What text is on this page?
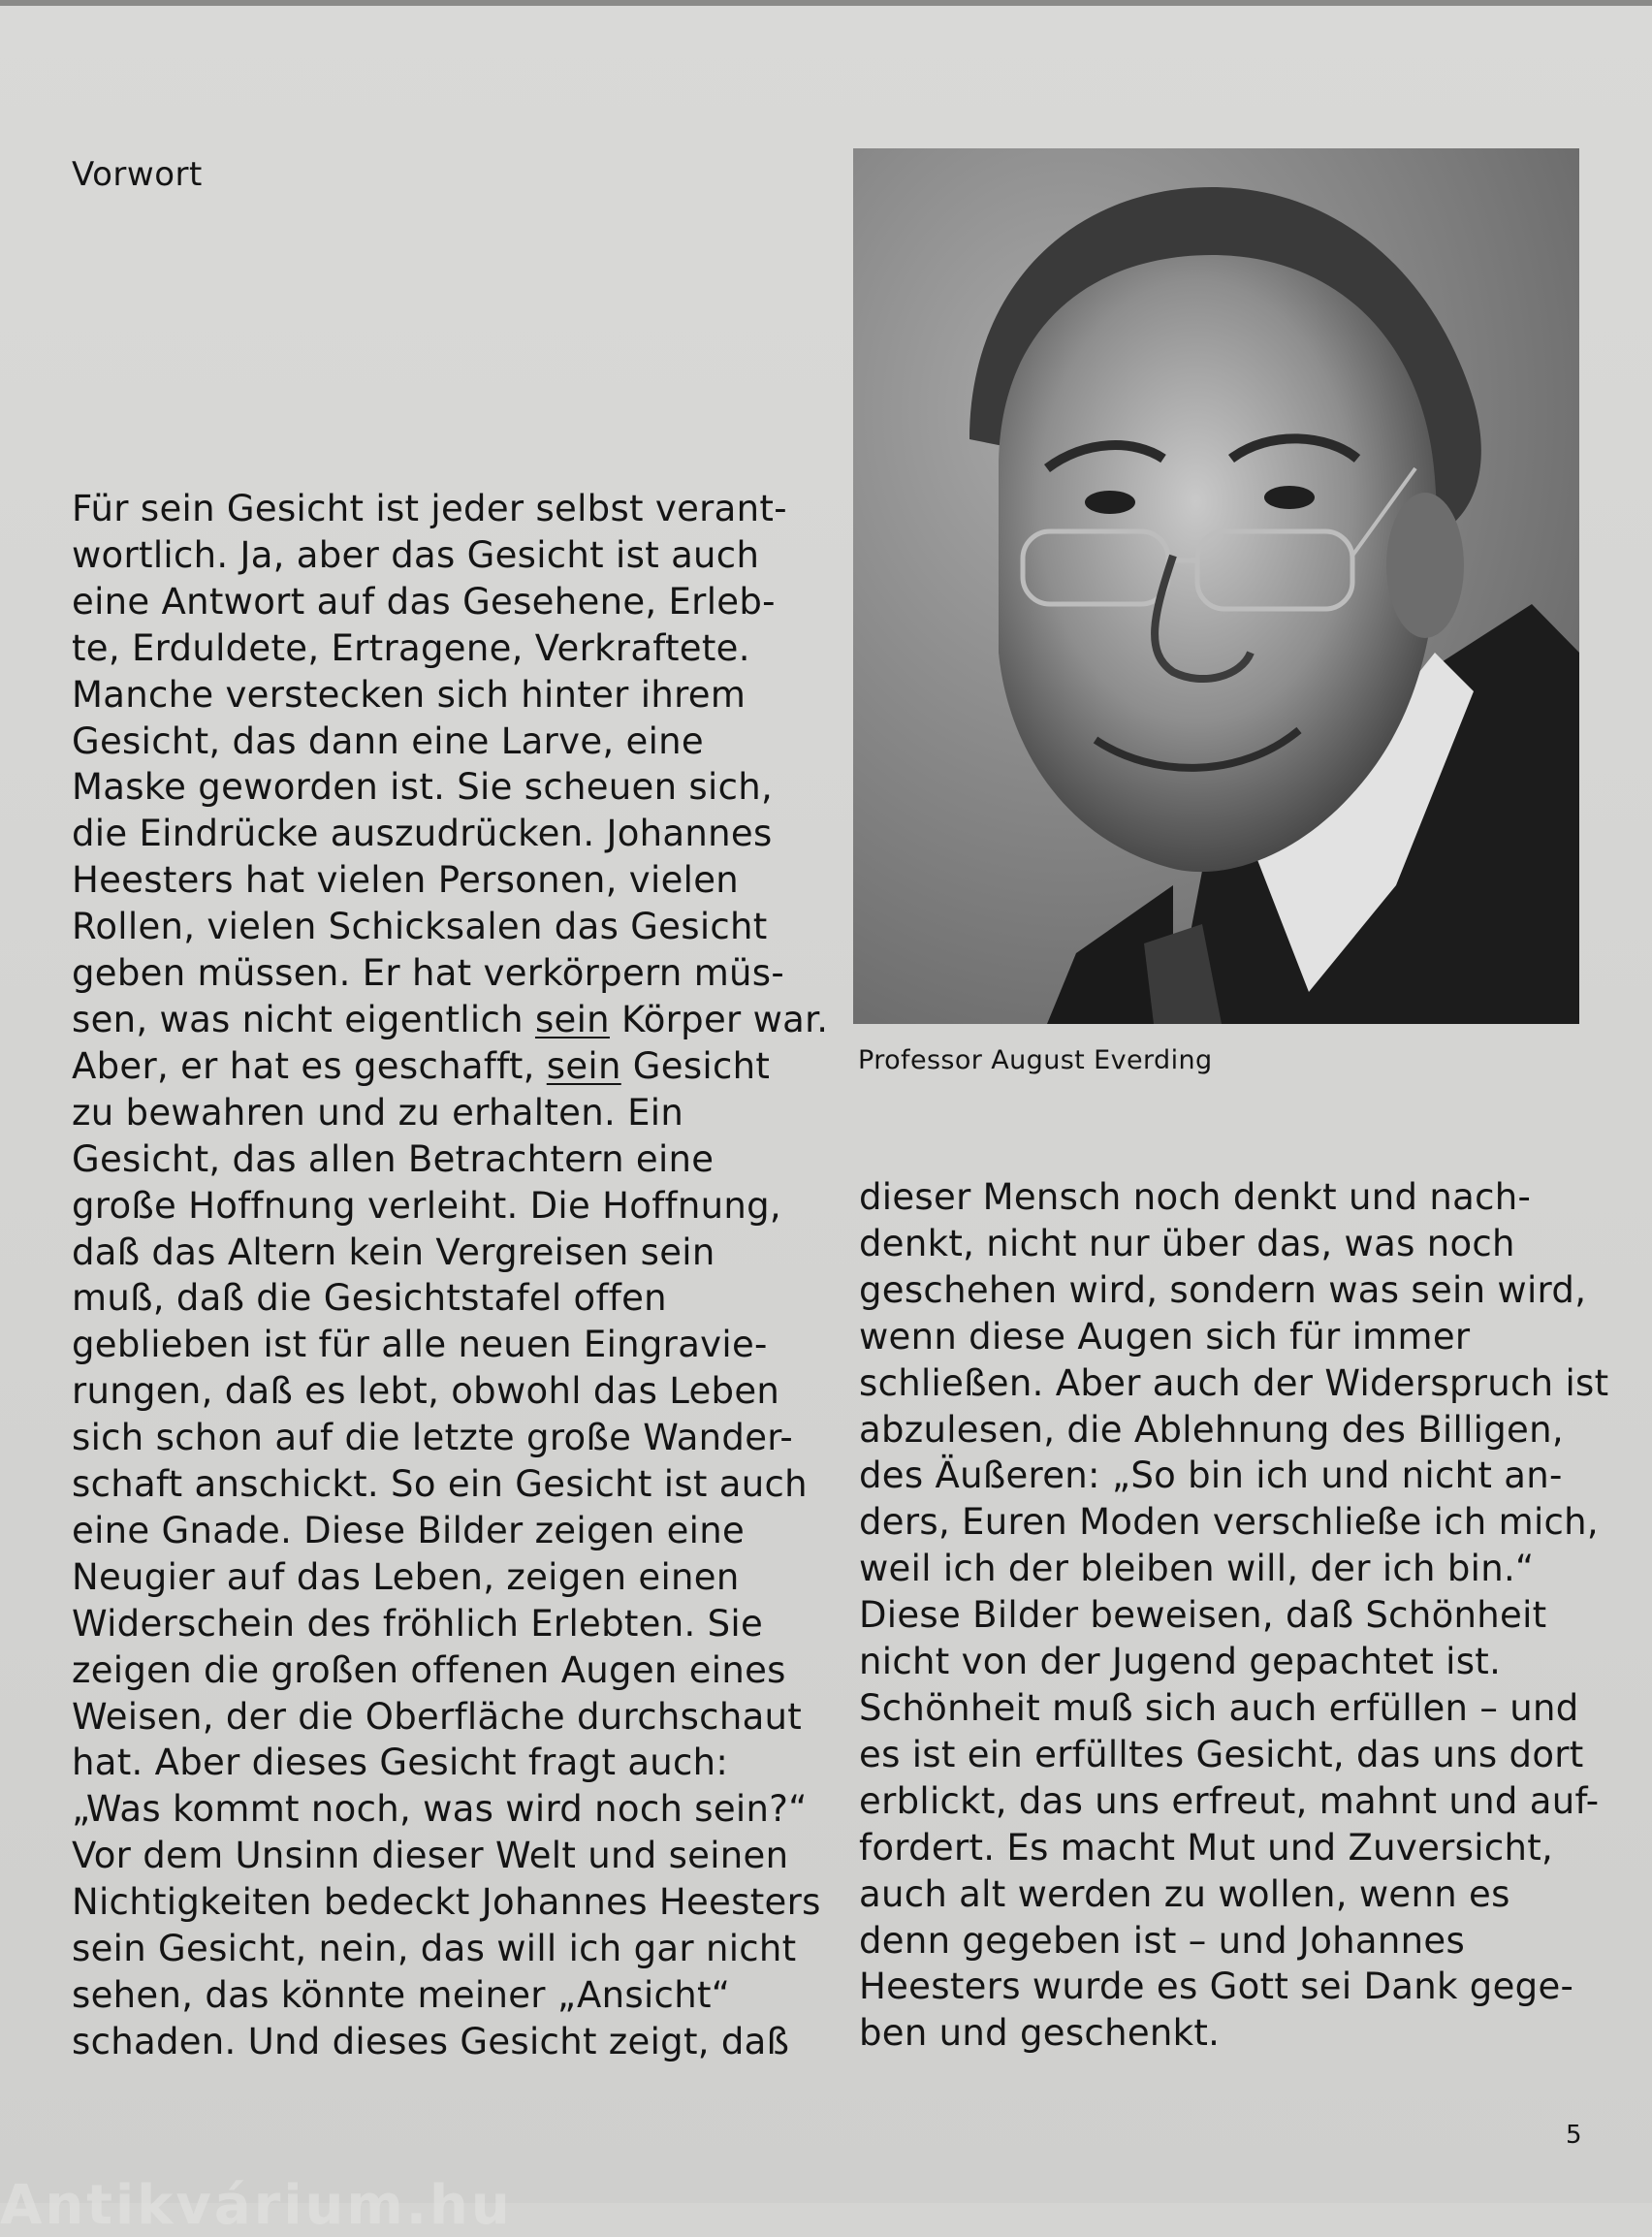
Vorwort
Für sein Gesicht ist jeder selbst verant-
wortlich. Ja, aber das Gesicht ist auch
eine Antwort auf das Gesehene, Erleb-
te, Erduldete, Ertragene, Verkraftete.
Manche verstecken sich hinter ihrem
Gesicht, das dann eine Larve, eine
Maske geworden ist. Sie scheuen sich,
die Eindrücke auszudrücken. Johannes
Heesters hat vielen Personen, vielen
Rollen, vielen Schicksalen das Gesicht
geben müssen. Er hat verkörpern müs-
sen, was nicht eigentlich sein Körper war.
Aber, er hat es geschafft, sein Gesicht
zu bewahren und zu erhalten. Ein
Gesicht, das allen Betrachtern eine
große Hoffnung verleiht. Die Hoffnung,
daß das Altern kein Vergreisen sein
muß, daß die Gesichtstafel offen
geblieben ist für alle neuen Eingravie-
rungen, daß es lebt, obwohl das Leben
sich schon auf die letzte große Wander-
schaft anschickt. So ein Gesicht ist auch
eine Gnade. Diese Bilder zeigen eine
Neugier auf das Leben, zeigen einen
Widerschein des fröhlich Erlebten. Sie
zeigen die großen offenen Augen eines
Weisen, der die Oberfläche durchschaut
hat. Aber dieses Gesicht fragt auch:
„Was kommt noch, was wird noch sein?“
Vor dem Unsinn dieser Welt und seinen
Nichtigkeiten bedeckt Johannes Heesters
sein Gesicht, nein, das will ich gar nicht
sehen, das könnte meiner „Ansicht“
schaden. Und dieses Gesicht zeigt, daß

Professor August Everding

dieser Mensch noch denkt und nach-
denkt, nicht nur über das, was noch
geschehen wird, sondern was sein wird,
wenn diese Augen sich für immer
schließen. Aber auch der Widerspruch ist
abzulesen, die Ablehnung des Billigen,
des Äußeren: „So bin ich und nicht an-
ders, Euren Moden verschließe ich mich,
weil ich der bleiben will, der ich bin.“
Diese Bilder beweisen, daß Schönheit
nicht von der Jugend gepachtet ist.
Schönheit muß sich auch erfüllen – und
es ist ein erfülltes Gesicht, das uns dort
erblickt, das uns erfreut, mahnt und auf-
fordert. Es macht Mut und Zuversicht,
auch alt werden zu wollen, wenn es
denn gegeben ist – und Johannes
Heesters wurde es Gott sei Dank gege-
ben und geschenkt.

5

Antikvárium.hu
